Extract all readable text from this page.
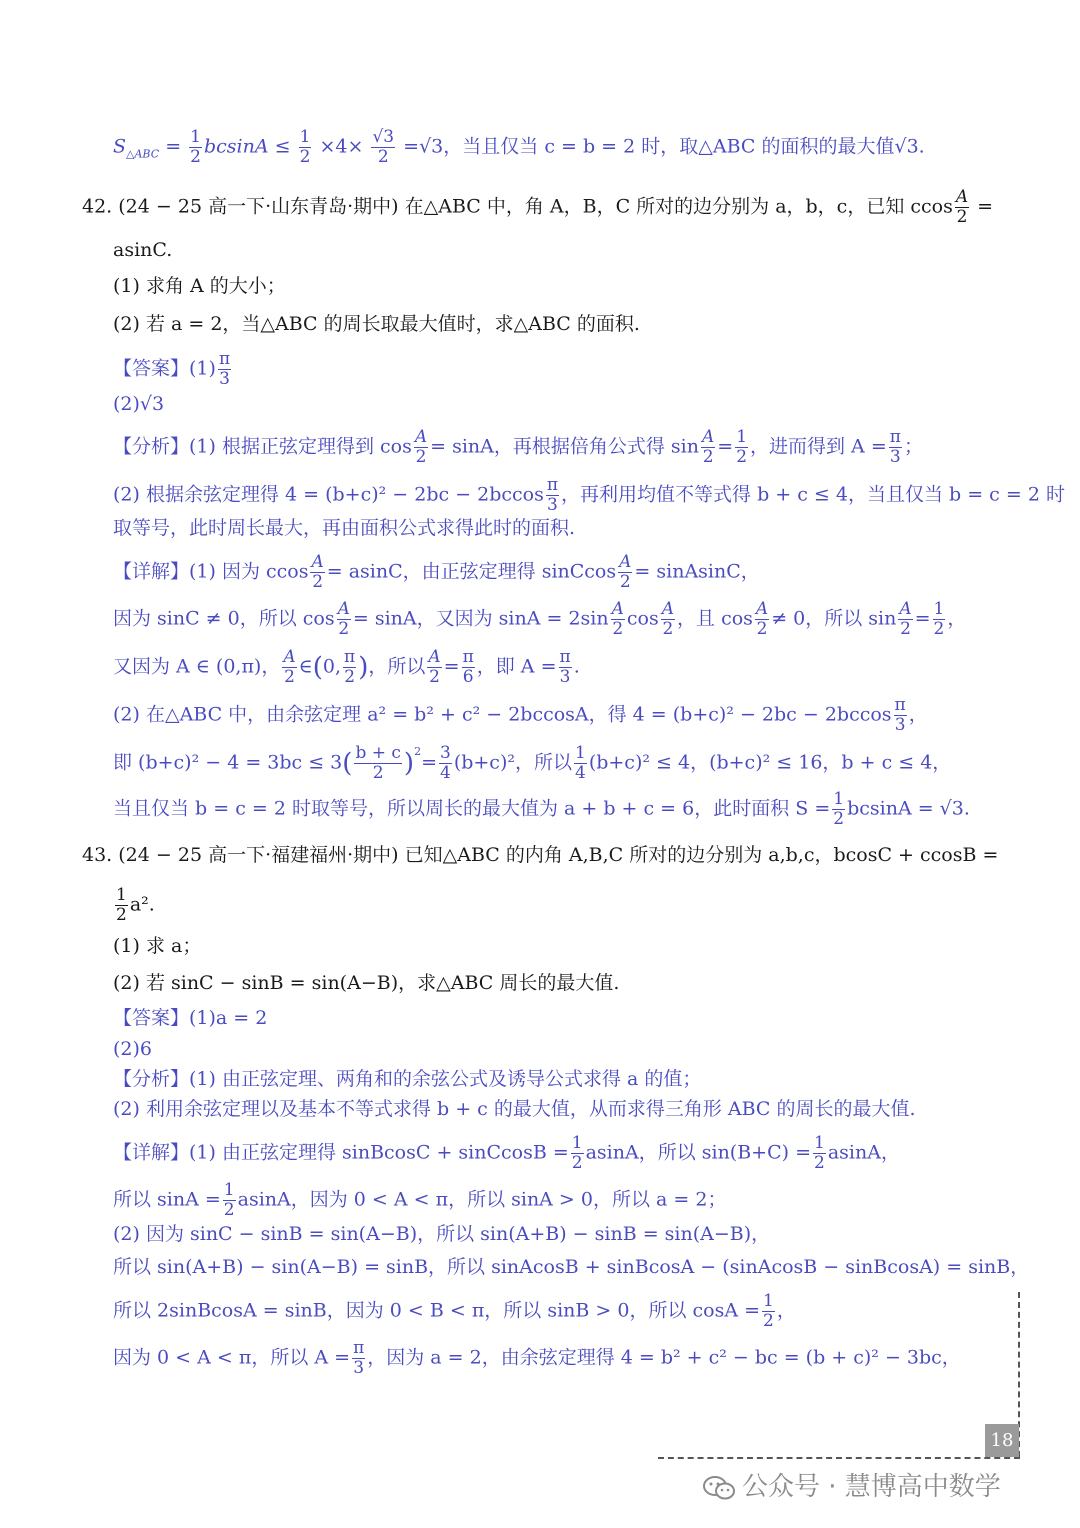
$S_{\triangle ABC} = \frac{1}{2}$ $bcsinA \le \frac{1}{2} \times 4\times \frac{√3}{2} =√3$，当且仅当 c = b = 2 时，取△ABC 的面积的最大值√3.
42. (24 − 25 高一下·山东青岛·期中) 在△ABC 中，角 A，B，C 所对的边分别为 a，b，c，已知 ccos $\frac{A}{2}$ =
asinC.
(1) 求角 A 的大小；
(2) 若 a = 2，当△ABC 的周长取最大值时，求△ABC 的面积.
【答案】$(1) \frac{\pi}{3}$
(2)√3
【分析】(1) 根据正弦定理得到 $\cos \frac{A}{2} = \sin A$，再根据倍角公式得 $\sin \frac{A}{2} = \frac{1}{2}$ ，进而得到 $A = \frac{\pi}{3}$ ；
(2) 根据余弦定理得 $4 = (b+c)^2 - 2bc - 2bccos \frac{\pi}{3}$ ，再利用均值不等式得 b + c ≤ 4，当且仅当 b = c = 2 时
取等号，此时周长最大，再由面积公式求得此时的面积.
【详解】(1) 因为 ccos $\frac{A}{2} = asinC$，由正弦定理得 sinCcos $\frac{A}{2}$ = sinAsinC，
因为 sinC ≠ 0，所以 $\cos \frac{A}{2} = \sin A$，又因为 $\sin A = 2\sin \frac{A}{2}$ $\cos \frac{A}{2}$ ，且 $\cos \frac{A}{2} \ne 0$，所以 $\sin \frac{A}{2} = \frac{1}{2}$ ，
又因为 A ∈ (0,π)， $\frac{A}{2}$ ∈(0, $\frac{\pi}{2}$ )，所以 $\frac{A}{2} = \frac{\pi}{6}$ ，即 $A = \frac{\pi}{3}$ .
(2) 在△ABC 中，由余弦定理 a² = b² + c² − 2bccosA，得 $4 = (b+c)^2 - 2bc - 2bccos \frac{\pi}{3}$ ，
即 $(b+c)^2 - 4 = 3bc \le 3( \frac{b + c}{2} )^2= \frac{3}{4} (b+c)^2$，所以 $\frac{1}{4} (b+c)^2 \le 4$，(b+c)² ≤ 16，b + c ≤ 4，
当且仅当 b = c = 2 时取等号，所以周长的最大值为 a + b + c = 6，此时面积 $S = \frac{1}{2}$ bcsinA = √3.
43. (24 − 25 高一下·福建福州·期中) 已知△ABC 的内角 A,B,C 所对的边分别为 a,b,c，bcosC + ccosB =
$\frac{1}{2} a^2$.
(1) 求 a；
(2) 若 sinC − sinB = sin(A−B)，求△ABC 周长的最大值.
【答案】(1)a = 2
(2)6
【分析】(1) 由正弦定理、两角和的余弦公式及诱导公式求得 a 的值；
(2) 利用余弦定理以及基本不等式求得 b + c 的最大值，从而求得三角形 ABC 的周长的最大值.
【详解】(1) 由正弦定理得 sinBcosC + sinCcosB = $\frac{1}{2}$ asinA，所以 $\sin(B+C) = \frac{1}{2}$ asinA，
所以 $\sin A = \frac{1}{2}$ asinA，因为 0 < A < π，所以 sinA > 0，所以 a = 2；
(2) 因为 sinC − sinB = sin(A−B)，所以 sin(A+B) − sinB = sin(A−B)，
所以 sin(A+B) − sin(A−B) = sinB，所以 sinAcosB + sinBcosA − (sinAcosB − sinBcosA) = sinB，
所以 2sinBcosA = sinB，因为 0 < B < π，所以 sinB > 0，所以 $\cos A = \frac{1}{2}$ ，
因为 0 < A < π，所以 $A = \frac{\pi}{3}$ ，因为 a = 2，由余弦定理得 4 = b² + c² − bc = (b + c)² − 3bc，
18
公众号 · 慧博高中数学
